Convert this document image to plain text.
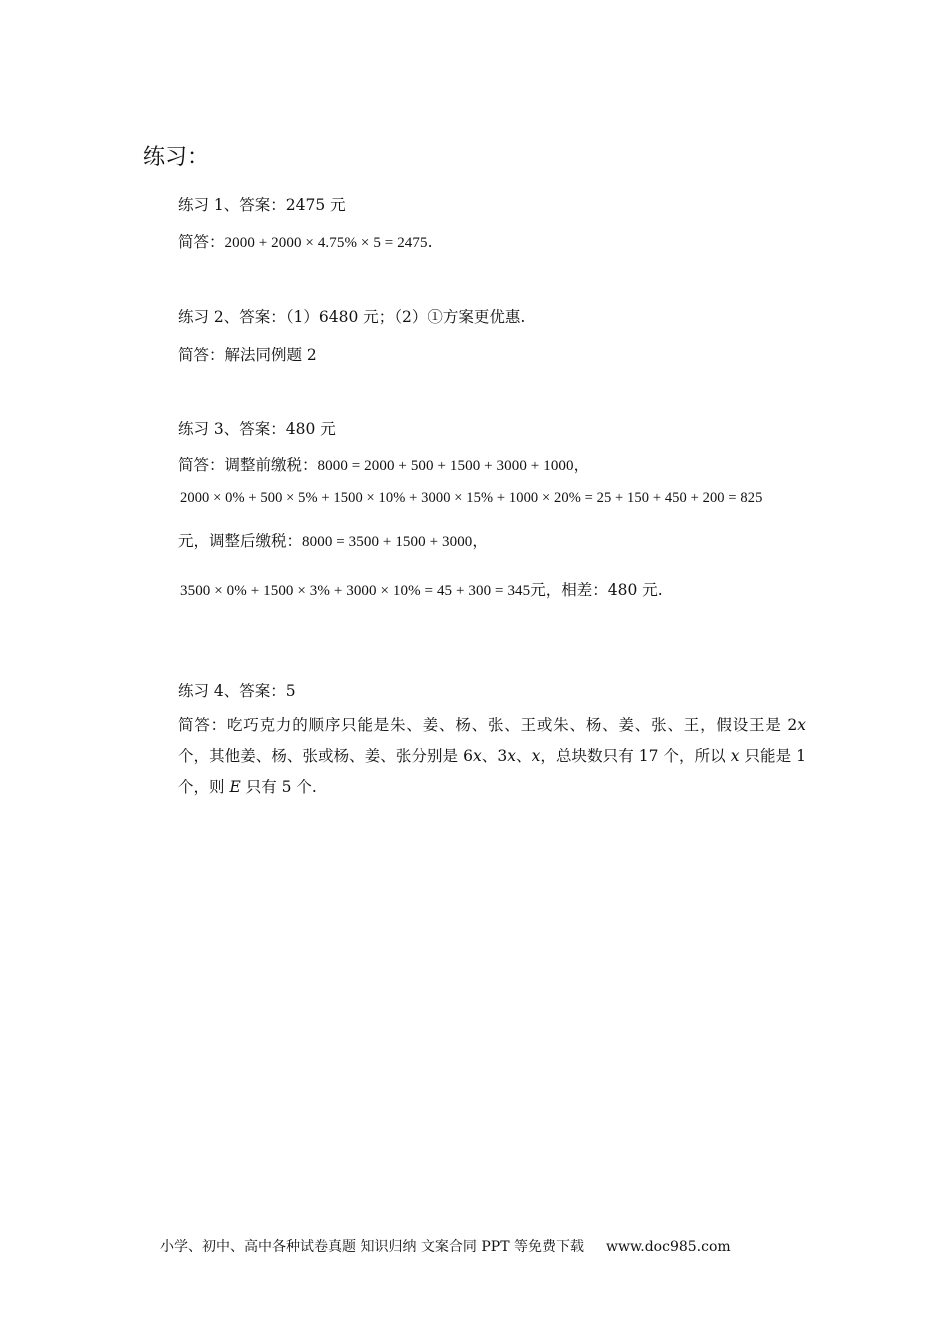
练习：
练习 1、答案：2475 元
简答：2000 + 2000 × 4.75% × 5 = 2475.
练习 2、答案：（1）6480 元；（2）①方案更优惠.
简答：解法同例题 2
练习 3、答案：480 元
简答：调整前缴税：8000 = 2000 + 500 + 1500 + 3000 + 1000，
2000 × 0% + 500 × 5% + 1500 × 10% + 3000 × 15% + 1000 × 20% = 25 + 150 + 450 + 200 = 825
元，调整后缴税：8000 = 3500 + 1500 + 3000，
3500 × 0% + 1500 × 3% + 3000 × 10% = 45 + 300 = 345元，相差：480 元.
练习 4、答案：5
简答：吃巧克力的顺序只能是朱、姜、杨、张、王或朱、杨、姜、张、王，假设王是 2x 个，其他姜、杨、张或杨、姜、张分别是 6x、3x、x，总块数只有 17 个，所以 x 只能是 1 个，则 E 只有 5 个.
小学、初中、高中各种试卷真题 知识归纳 文案合同 PPT 等免费下载 www.doc985.com
